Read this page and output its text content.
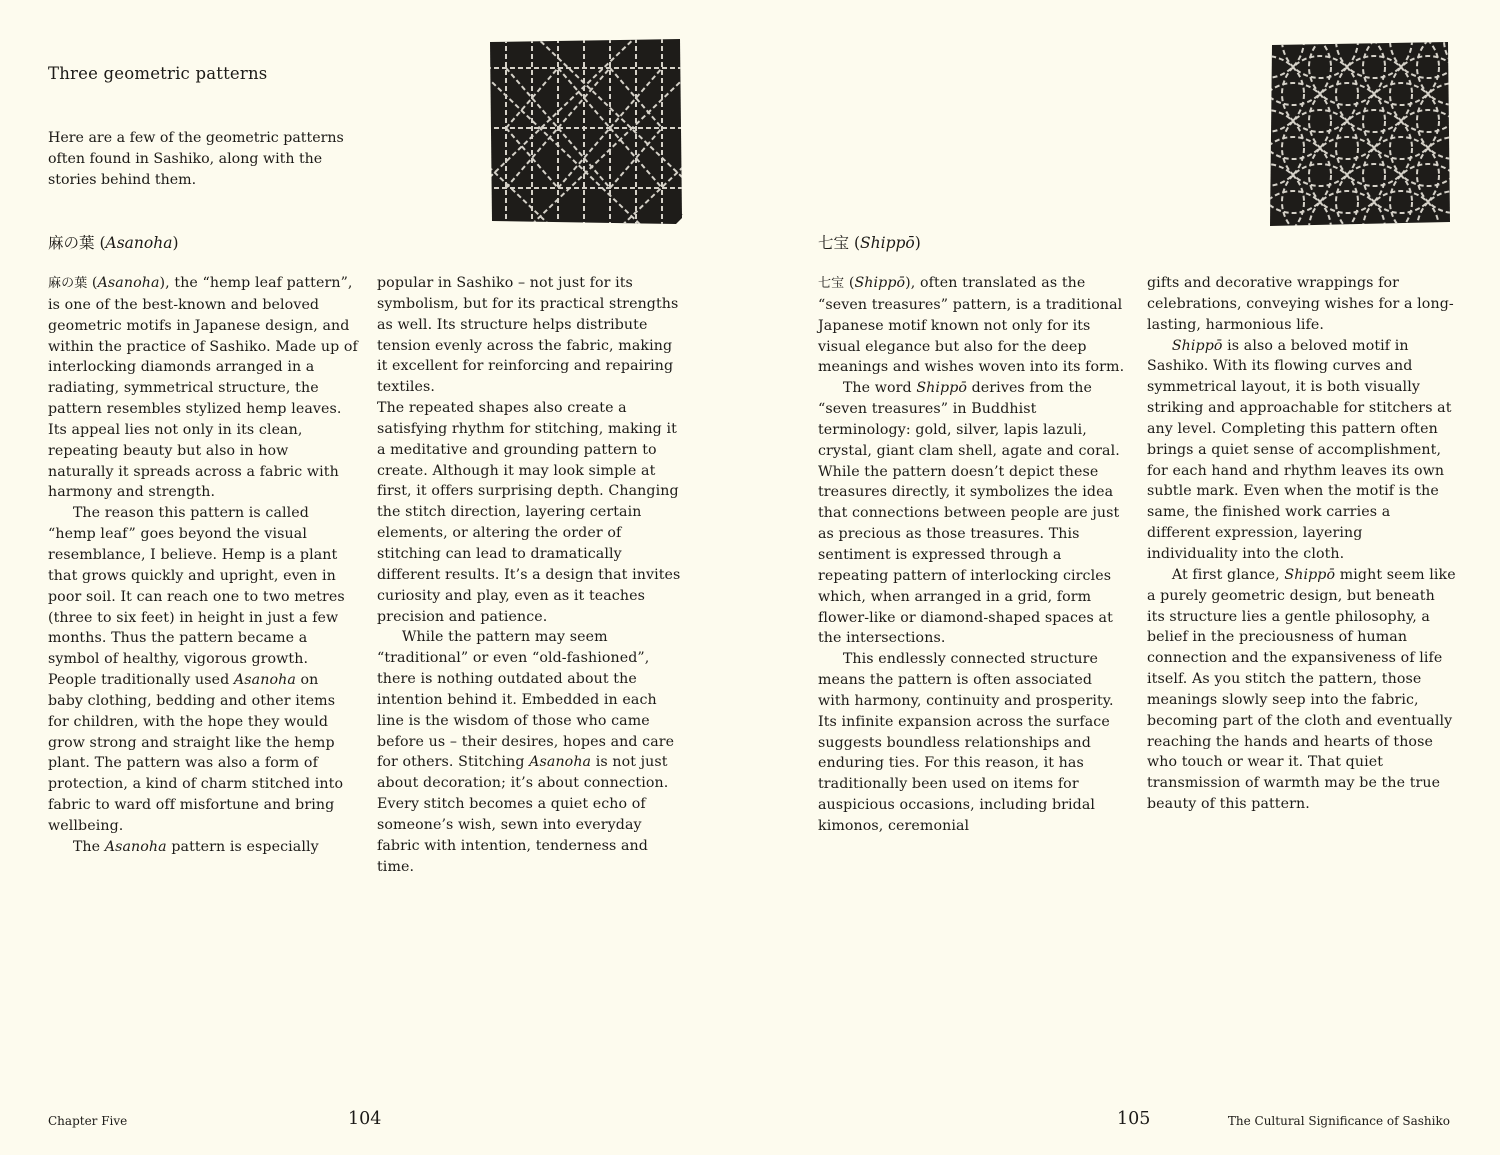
Three geometric patterns

Here are a few of the geometric patterns often found in Sashiko, along with the stories behind them.

麻の葉 (Asanoha)

麻の葉 (Asanoha), the “hemp leaf pattern”, is one of the best-known and beloved geometric motifs in Japanese design, and within the practice of Sashiko. Made up of interlocking diamonds arranged in a radiating, symmetrical structure, the pattern resembles stylized hemp leaves.

Its appeal lies not only in its clean, repeating beauty but also in how naturally it spreads across a fabric with harmony and strength.

The reason this pattern is called “hemp leaf” goes beyond the visual resemblance, I believe. Hemp is a plant that grows quickly and upright, even in poor soil. It can reach one to two metres (three to six feet) in height in just a few months. Thus the pattern became a symbol of healthy, vigorous growth. People traditionally used Asanoha on baby clothing, bedding and other items for children, with the hope they would grow strong and straight like the hemp plant. The pattern was also a form of protection, a kind of charm stitched into fabric to ward off misfortune and bring wellbeing.

The Asanoha pattern is especially

popular in Sashiko – not just for its symbolism, but for its practical strengths as well. Its structure helps distribute tension evenly across the fabric, making it excellent for reinforcing and repairing textiles.

The repeated shapes also create a satisfying rhythm for stitching, making it a meditative and grounding pattern to create. Although it may look simple at first, it offers surprising depth. Changing the stitch direction, layering certain elements, or altering the order of stitching can lead to dramatically different results. It’s a design that invites curiosity and play, even as it teaches precision and patience.

While the pattern may seem “traditional” or even “old-fashioned”, there is nothing outdated about the intention behind it. Embedded in each line is the wisdom of those who came before us – their desires, hopes and care for others. Stitching Asanoha is not just about decoration; it’s about connection. Every stitch becomes a quiet echo of someone’s wish, sewn into everyday fabric with intention, tenderness and time.

Chapter Five	104
七宝 (Shippō)

七宝 (Shippō), often translated as the “seven treasures” pattern, is a traditional Japanese motif known not only for its visual elegance but also for the deep meanings and wishes woven into its form.

The word Shippō derives from the “seven treasures” in Buddhist terminology: gold, silver, lapis lazuli, crystal, giant clam shell, agate and coral. While the pattern doesn’t depict these treasures directly, it symbolizes the idea that connections between people are just as precious as those treasures. This sentiment is expressed through a repeating pattern of interlocking circles which, when arranged in a grid, form flower-like or diamond-shaped spaces at the intersections.

This endlessly connected structure means the pattern is often associated with harmony, continuity and prosperity. Its infinite expansion across the surface suggests boundless relationships and enduring ties. For this reason, it has traditionally been used on items for auspicious occasions, including bridal kimonos, ceremonial

gifts and decorative wrappings for celebrations, conveying wishes for a long-lasting, harmonious life.

Shippō is also a beloved motif in Sashiko. With its flowing curves and symmetrical layout, it is both visually striking and approachable for stitchers at any level. Completing this pattern often brings a quiet sense of accomplishment, for each hand and rhythm leaves its own subtle mark. Even when the motif is the same, the finished work carries a different expression, layering individuality into the cloth.

At first glance, Shippō might seem like a purely geometric design, but beneath its structure lies a gentle philosophy, a belief in the preciousness of human connection and the expansiveness of life itself. As you stitch the pattern, those meanings slowly seep into the fabric, becoming part of the cloth and eventually reaching the hands and hearts of those who touch or wear it. That quiet transmission of warmth may be the true beauty of this pattern.

105	The Cultural Significance of Sashiko
